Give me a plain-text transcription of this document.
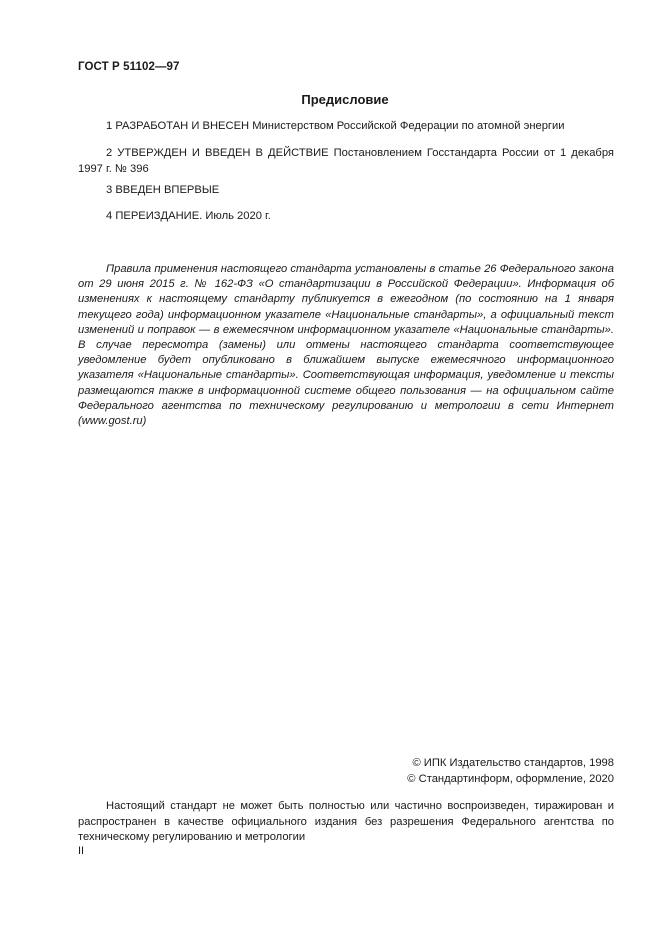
ГОСТ Р 51102—97
Предисловие

1 РАЗРАБОТАН И ВНЕСЕН Министерством Российской Федерации по атомной энергии

2 УТВЕРЖДЕН И ВВЕДЕН В ДЕЙСТВИЕ Постановлением Госстандарта России от 1 декабря 1997 г. № 396

3 ВВЕДЕН ВПЕРВЫЕ

4 ПЕРЕИЗДАНИЕ. Июль 2020 г.

Правила применения настоящего стандарта установлены в статье 26 Федерального закона от 29 июня 2015 г. № 162-ФЗ «О стандартизации в Российской Федерации». Информация об изменениях к настоящему стандарту публикуется в ежегодном (по состоянию на 1 января текущего года) информационном указателе «Национальные стандарты», а официальный текст изменений и поправок — в ежемесячном информационном указателе «Национальные стандарты». В случае пересмотра (замены) или отмены настоящего стандарта соответствующее уведомление будет опубликовано в ближайшем выпуске ежемесячного информационного указателя «Национальные стандарты». Соответствующая информация, уведомление и тексты размещаются также в информационной системе общего пользования — на официальном сайте Федерального агентства по техническому регулированию и метрологии в сети Интернет (www.gost.ru)

© ИПК Издательство стандартов, 1998
© Стандартинформ, оформление, 2020

Настоящий стандарт не может быть полностью или частично воспроизведен, тиражирован и распространен в качестве официального издания без разрешения Федерального агентства по техническому регулированию и метрологии

II
